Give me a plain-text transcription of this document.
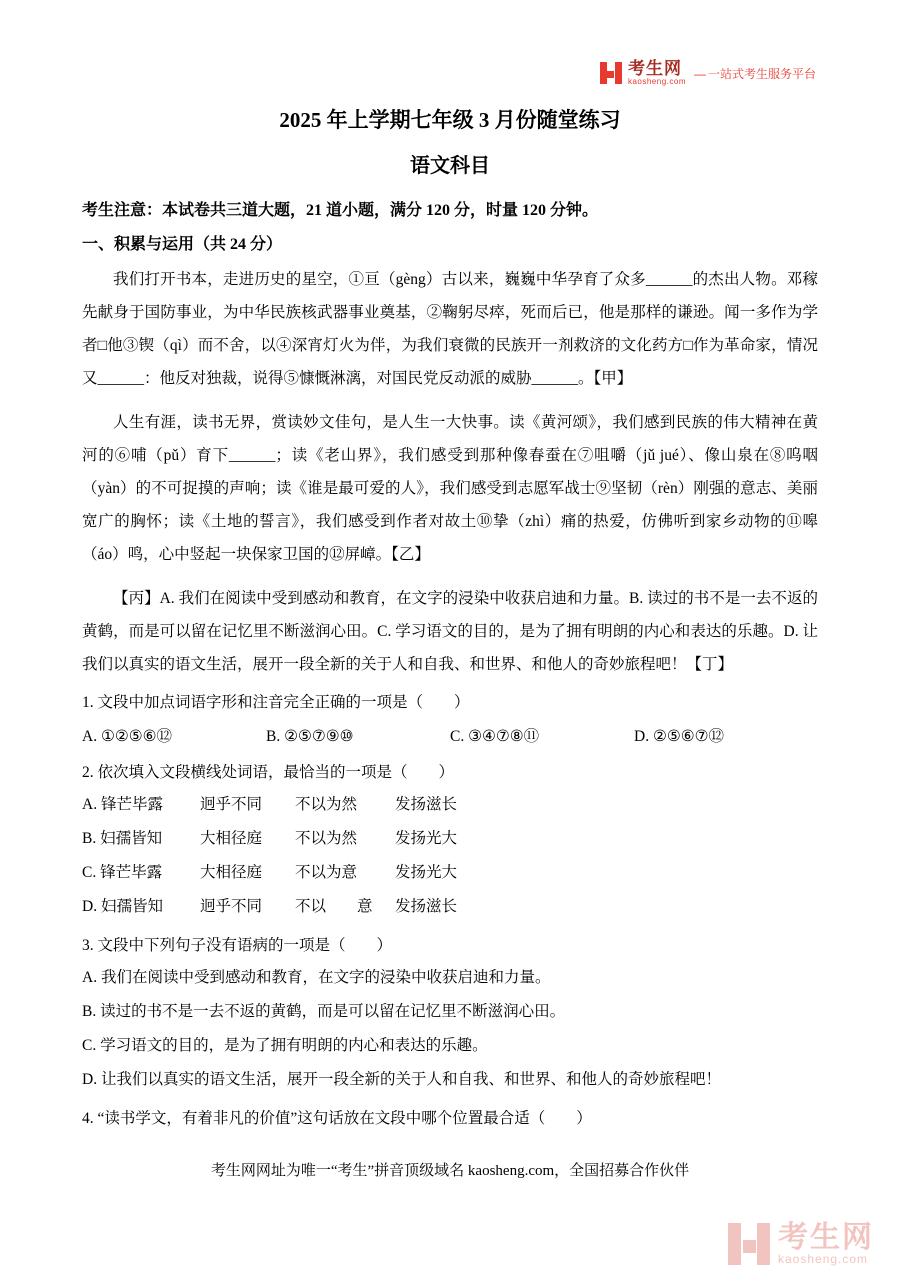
考生网
kaosheng.com
— 一站式考生服务平台
2025 年上学期七年级 3 月份随堂练习
语文科目
考生注意：本试卷共三道大题，21 道小题，满分 120 分，时量 120 分钟。
一、积累与运用（共 24 分）
我们打开书本，走进历史的星空，①亘（gèng）古以来，巍巍中华孕育了众多______的杰出人物。邓稼先献身于国防事业，为中华民族核武器事业奠基，②鞠躬尽瘁，死而后已，他是那样的谦逊。闻一多作为学者□他③锲（qì）而不舍，以④深宵灯火为伴，为我们衰微的民族开一剂救济的文化药方□作为革命家，情况又______：他反对独裁，说得⑤慷慨淋漓，对国民党反动派的威胁______。【甲】
人生有涯，读书无界，赏读妙文佳句，是人生一大快事。读《黄河颂》，我们感到民族的伟大精神在黄河的⑥哺（pǔ）育下______；读《老山界》，我们感受到那种像春蚕在⑦咀嚼（jǔ jué）、像山泉在⑧呜咽（yàn）的不可捉摸的声响；读《谁是最可爱的人》，我们感受到志愿军战士⑨坚韧（rèn）刚强的意志、美丽宽广的胸怀；读《土地的誓言》，我们感受到作者对故土⑩挚（zhì）痛的热爱，仿佛听到家乡动物的⑪嗥（áo）鸣，心中竖起一块保家卫国的⑫屏嶂。【乙】
【丙】A. 我们在阅读中受到感动和教育，在文字的浸染中收获启迪和力量。B. 读过的书不是一去不返的黄鹤，而是可以留在记忆里不断滋润心田。C. 学习语文的目的，是为了拥有明朗的内心和表达的乐趣。D. 让我们以真实的语文生活，展开一段全新的关于人和自我、和世界、和他人的奇妙旅程吧！【丁】
1. 文段中加点词语字形和注音完全正确的一项是（　　）
A. ①②⑤⑥⑫	B. ②⑤⑦⑨⑩	C. ③④⑦⑧⑪	D. ②⑤⑥⑦⑫
2. 依次填入文段横线处词语，最恰当的一项是（　　）
A. 锋芒毕露 迥乎不同 不以为然 发扬滋长
B. 妇孺皆知 大相径庭 不以为然 发扬光大
C. 锋芒毕露 大相径庭 不以为意 发扬光大
D. 妇孺皆知 迥乎不同 不以　　意 发扬滋长
3. 文段中下列句子没有语病的一项是（　　）
A. 我们在阅读中受到感动和教育，在文字的浸染中收获启迪和力量。
B. 读过的书不是一去不返的黄鹤，而是可以留在记忆里不断滋润心田。
C. 学习语文的目的，是为了拥有明朗的内心和表达的乐趣。
D. 让我们以真实的语文生活，展开一段全新的关于人和自我、和世界、和他人的奇妙旅程吧！
4. “读书学文，有着非凡的价值”这句话放在文段中哪个位置最合适（　　）
考生网网址为唯一“考生”拼音顶级域名 kaosheng.com，全国招募合作伙伴
考生网
kaosheng.com
